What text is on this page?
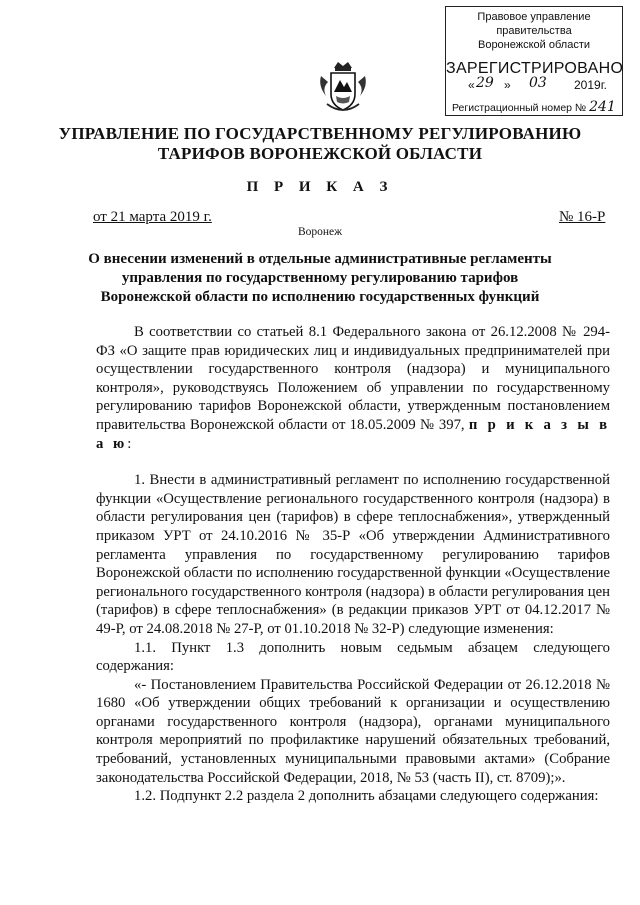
Правовое управление правительства
Воронежской области
ЗАРЕГИСТРИРОВАНО
« 29 » 03 2019г.
Регистрационный номер № 241
УПРАВЛЕНИЕ ПО ГОСУДАРСТВЕННОМУ РЕГУЛИРОВАНИЮ
ТАРИФОВ ВОРОНЕЖСКОЙ ОБЛАСТИ
П Р И К А З
от 21 марта 2019 г.	№ 16-Р
Воронеж
О внесении изменений в отдельные административные регламенты
управления по государственному регулированию тарифов
Воронежской области по исполнению государственных функций

В соответствии со статьей 8.1 Федерального закона от 26.12.2008 № 294-ФЗ «О защите прав юридических лиц и индивидуальных предпринимателей при осуществлении государственного контроля (надзора) и муниципального контроля», руководствуясь Положением об управлении по государственному регулированию тарифов Воронежской области, утвержденным постановлением правительства Воронежской области от 18.05.2009 № 397, п р и к а з ы в а ю:

1. Внести в административный регламент по исполнению государственной функции «Осуществление регионального государственного контроля (надзора) в области регулирования цен (тарифов) в сфере теплоснабжения», утвержденный приказом УРТ от 24.10.2016 № 35-Р «Об утверждении Административного регламента управления по государственному регулированию тарифов Воронежской области по исполнению государственной функции «Осуществление регионального государственного контроля (надзора) в области регулирования цен (тарифов) в сфере теплоснабжения» (в редакции приказов УРТ от 04.12.2017 № 49-Р, от 24.08.2018 № 27-Р, от 01.10.2018 № 32-Р) следующие изменения:

1.1. Пункт 1.3 дополнить новым седьмым абзацем следующего содержания:

«- Постановлением Правительства Российской Федерации от 26.12.2018 № 1680 «Об утверждении общих требований к организации и осуществлению органами государственного контроля (надзора), органами муниципального контроля мероприятий по профилактике нарушений обязательных требований, требований, установленных муниципальными правовыми актами» (Собрание законодательства Российской Федерации, 2018, № 53 (часть II), ст. 8709);».

1.2. Подпункт 2.2 раздела 2 дополнить абзацами следующего содержания:
